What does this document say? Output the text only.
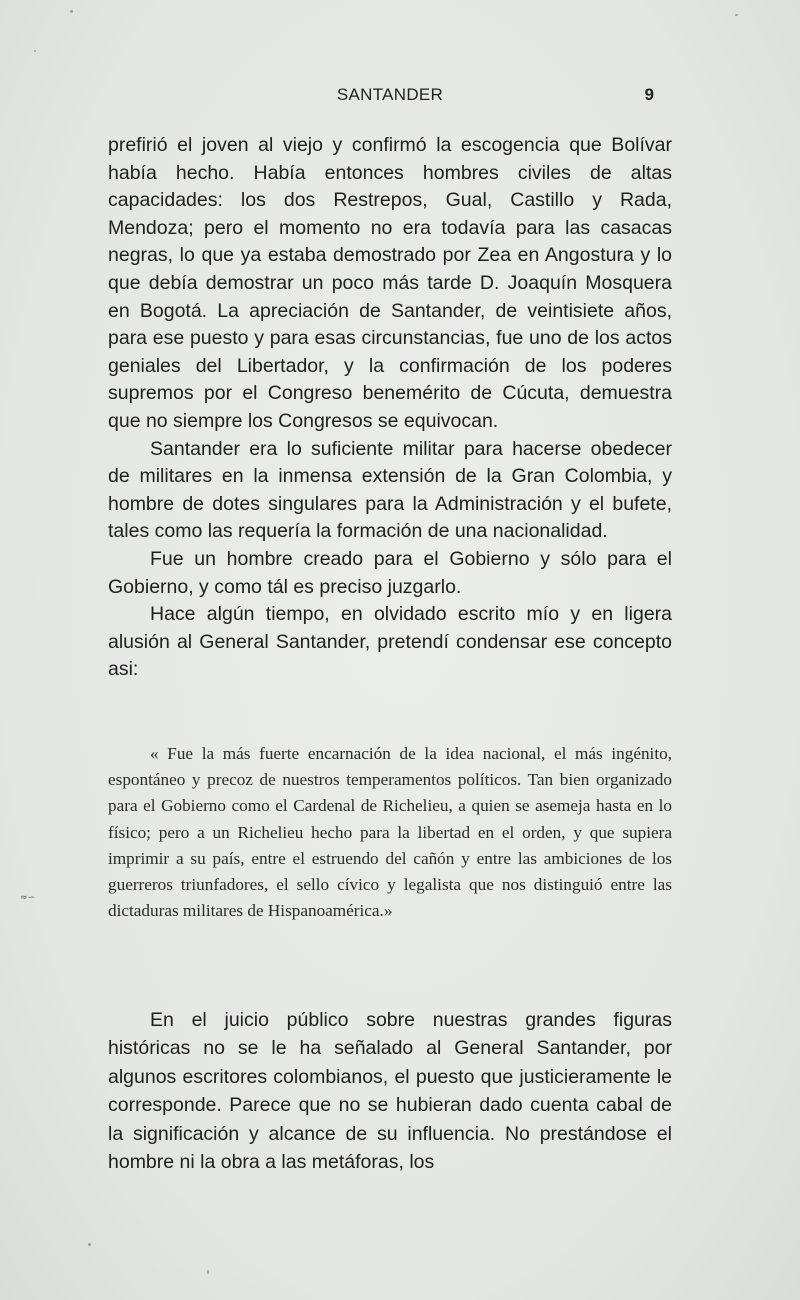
SANTANDER	9

prefirió el joven al viejo y confirmó la escogencia que Bolívar había hecho. Había entonces hombres civiles de altas capacidades: los dos Restrepos, Gual, Castillo y Rada, Mendoza; pero el momento no era todavía para las casacas negras, lo que ya estaba demostrado por Zea en Angostura y lo que debía demostrar un poco más tarde D. Joaquín Mosquera en Bogotá. La apreciación de Santander, de veintisiete años, para ese puesto y para esas circunstancias, fue uno de los actos geniales del Libertador, y la confirmación de los poderes supremos por el Congreso benemérito de Cúcuta, demuestra que no siempre los Congresos se equivocan.

Santander era lo suficiente militar para hacerse obedecer de militares en la inmensa extensión de la Gran Colombia, y hombre de dotes singulares para la Administración y el bufete, tales como las requería la formación de una nacionalidad.

Fue un hombre creado para el Gobierno y sólo para el Gobierno, y como tál es preciso juzgarlo.

Hace algún tiempo, en olvidado escrito mío y en ligera alusión al General Santander, pretendí condensar ese concepto asi:

« Fue la más fuerte encarnación de la idea nacional, el más ingénito, espontáneo y precoz de nuestros temperamentos políticos. Tan bien organizado para el Gobierno como el Cardenal de Richelieu, a quien se asemeja hasta en lo físico; pero a un Richelieu hecho para la libertad en el orden, y que supiera imprimir a su país, entre el estruendo del cañón y entre las ambiciones de los guerreros triunfadores, el sello cívico y legalista que nos distinguió entre las dictaduras militares de Hispanoamérica.»

En el juicio público sobre nuestras grandes figuras históricas no se le ha señalado al General Santander, por algunos escritores colombianos, el puesto que justicieramente le corresponde. Parece que no se hubieran dado cuenta cabal de la significación y alcance de su influencia. No prestándose el hombre ni la obra a las metáforas, los

≈∽
